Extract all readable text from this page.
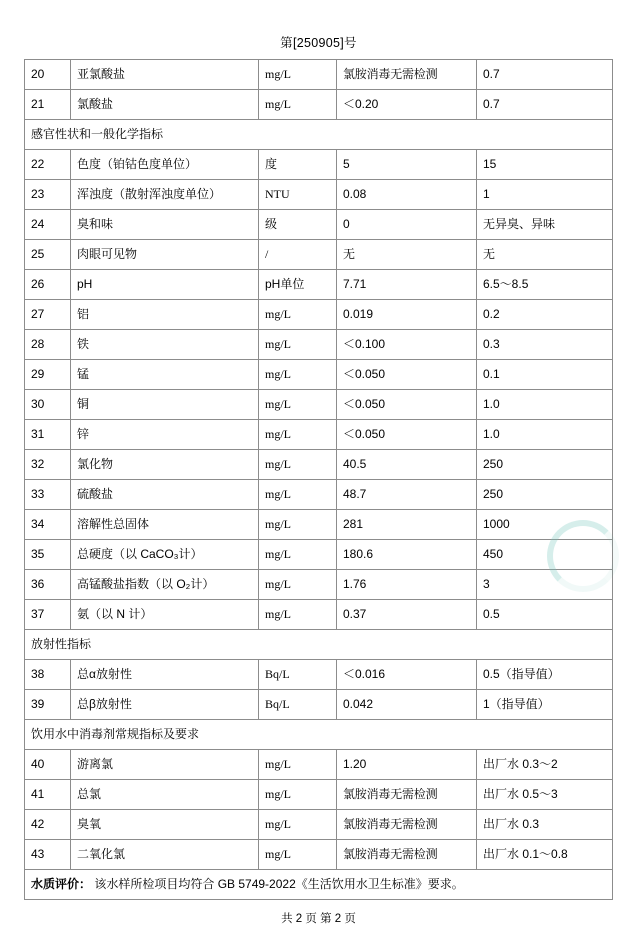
第[250905]号
20	亚氯酸盐	mg/L	氯胺消毒无需检测	0.7
21	氯酸盐	mg/L	＜0.20	0.7
感官性状和一般化学指标				
22	色度（铂钴色度单位）	度	5	15
23	浑浊度（散射浑浊度单位）	NTU	0.08	1
24	臭和味	级	0	无异臭、异味
25	肉眼可见物	/	无	无
26	pH	pH单位	7.71	6.5～8.5
27	铝	mg/L	0.019	0.2
28	铁	mg/L	＜0.100	0.3
29	锰	mg/L	＜0.050	0.1
30	铜	mg/L	＜0.050	1.0
31	锌	mg/L	＜0.050	1.0
32	氯化物	mg/L	40.5	250
33	硫酸盐	mg/L	48.7	250
34	溶解性总固体	mg/L	281	1000
35	总硬度（以 CaCO₃计）	mg/L	180.6	450
36	高锰酸盐指数（以 O₂计）	mg/L	1.76	3
37	氨（以 N 计）	mg/L	0.37	0.5
放射性指标				
38	总α放射性	Bq/L	＜0.016	0.5（指导值）
39	总β放射性	Bq/L	0.042	1（指导值）
饮用水中消毒剂常规指标及要求				
40	游离氯	mg/L	1.20	出厂水 0.3～2
41	总氯	mg/L	氯胺消毒无需检测	出厂水 0.5～3
42	臭氧	mg/L	氯胺消毒无需检测	出厂水 0.3
43	二氧化氯	mg/L	氯胺消毒无需检测	出厂水 0.1～0.8
水质评价： 该水样所检项目均符合 GB 5749-2022《生活饮用水卫生标准》要求。				
共 2 页 第 2 页
